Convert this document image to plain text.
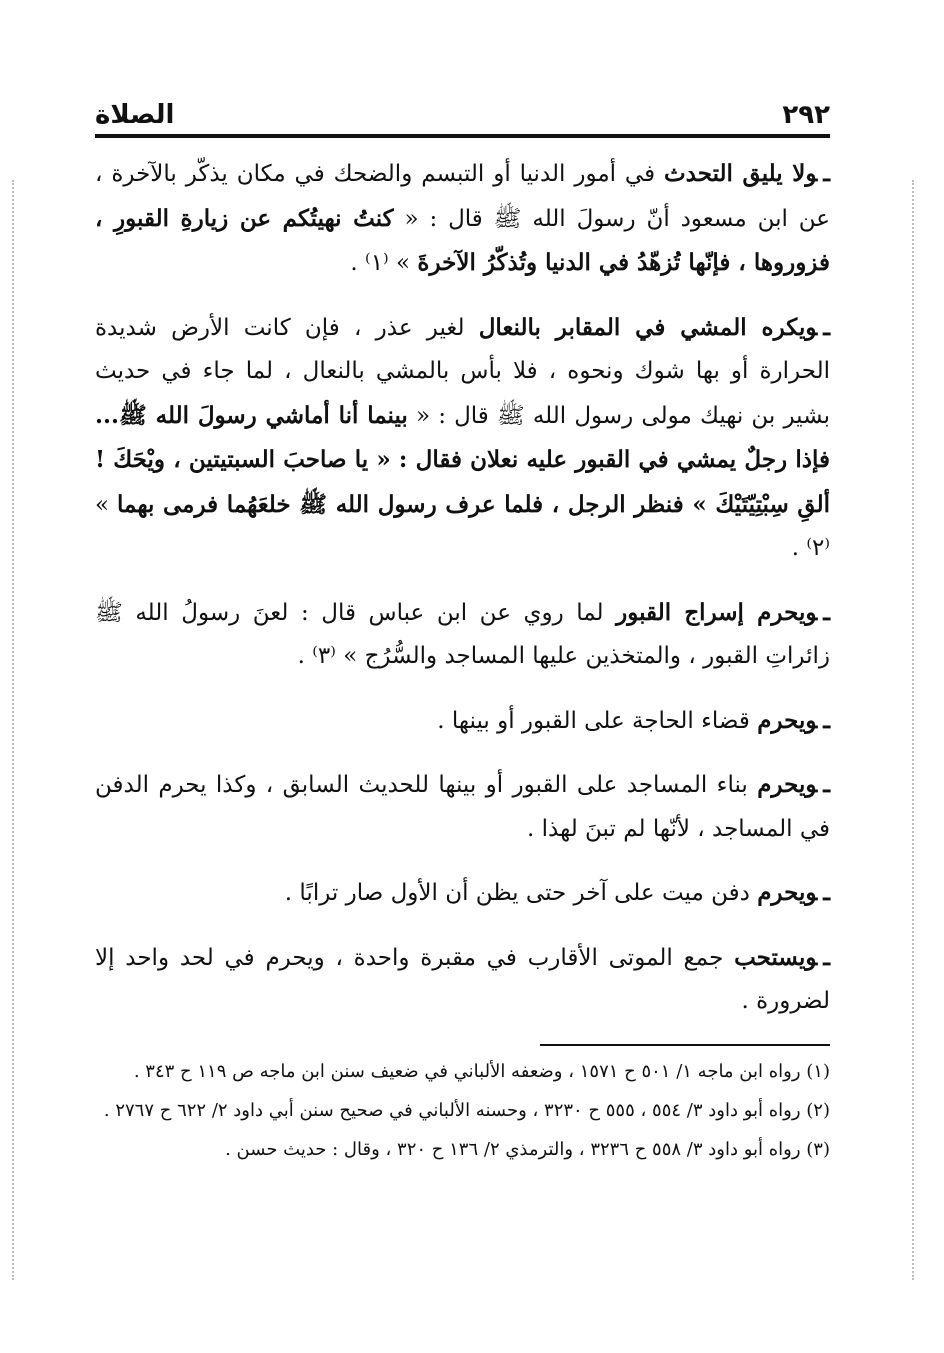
٢٩٢
الصلاة

ـولا يليق التحدث في أمور الدنيا أو التبسم والضحك في مكان يذكّر بالآخرة ، عن ابن مسعود أنّ رسولَ الله ﷺ قال : « كنتُ نهيتُكم عن زيارةِ القبورِ ، فزوروها ، فإنّها تُزهّدُ في الدنيا وتُذكّرُ الآخرةَ » ⁽١⁾ .

ـويكره المشي في المقابر بالنعال لغير عذر ، فإن كانت الأرض شديدة الحرارة أو بها شوك ونحوه ، فلا بأس بالمشي بالنعال ، لما جاء في حديث بشير بن نهيك مولى رسول الله ﷺ قال : « بينما أنا أماشي رسولَ الله ﷺ... فإذا رجلٌ يمشي في القبور عليه نعلان فقال : « يا صاحبَ السبتيتين ، ويْحَكَ ! ألقِ سِبْتِيّتَيْكَ » فنظر الرجل ، فلما عرف رسول الله ﷺ خلعَهُما فرمى بهما » ⁽٢⁾ .

ـويحرم إسراج القبور لما روي عن ابن عباس قال : لعنَ رسولُ الله ﷺ زائراتِ القبور ، والمتخذين عليها المساجد والسُّرُج » ⁽٣⁾ .

ـويحرم قضاء الحاجة على القبور أو بينها .

ـويحرم بناء المساجد على القبور أو بينها للحديث السابق ، وكذا يحرم الدفن في المساجد ، لأنّها لم تبنَ لهذا .

ـويحرم دفن ميت على آخر حتى يظن أن الأول صار ترابًا .

ـويستحب جمع الموتى الأقارب في مقبرة واحدة ، ويحرم في لحد واحد إلا لضرورة .

(١) رواه ابن ماجه ١/ ٥٠١ ح ١٥٧١ ، وضعفه الألباني في ضعيف سنن ابن ماجه ص ١١٩ ح ٣٤٣ .

(٢) رواه أبو داود ٣/ ٥٥٤ ، ٥٥٥ ح ٣٢٣٠ ، وحسنه الألباني في صحيح سنن أبي داود ٢/ ٦٢٢ ح ٢٧٦٧ .

(٣) رواه أبو داود ٣/ ٥٥٨ ح ٣٢٣٦ ، والترمذي ٢/ ١٣٦ ح ٣٢٠ ، وقال : حديث حسن .
